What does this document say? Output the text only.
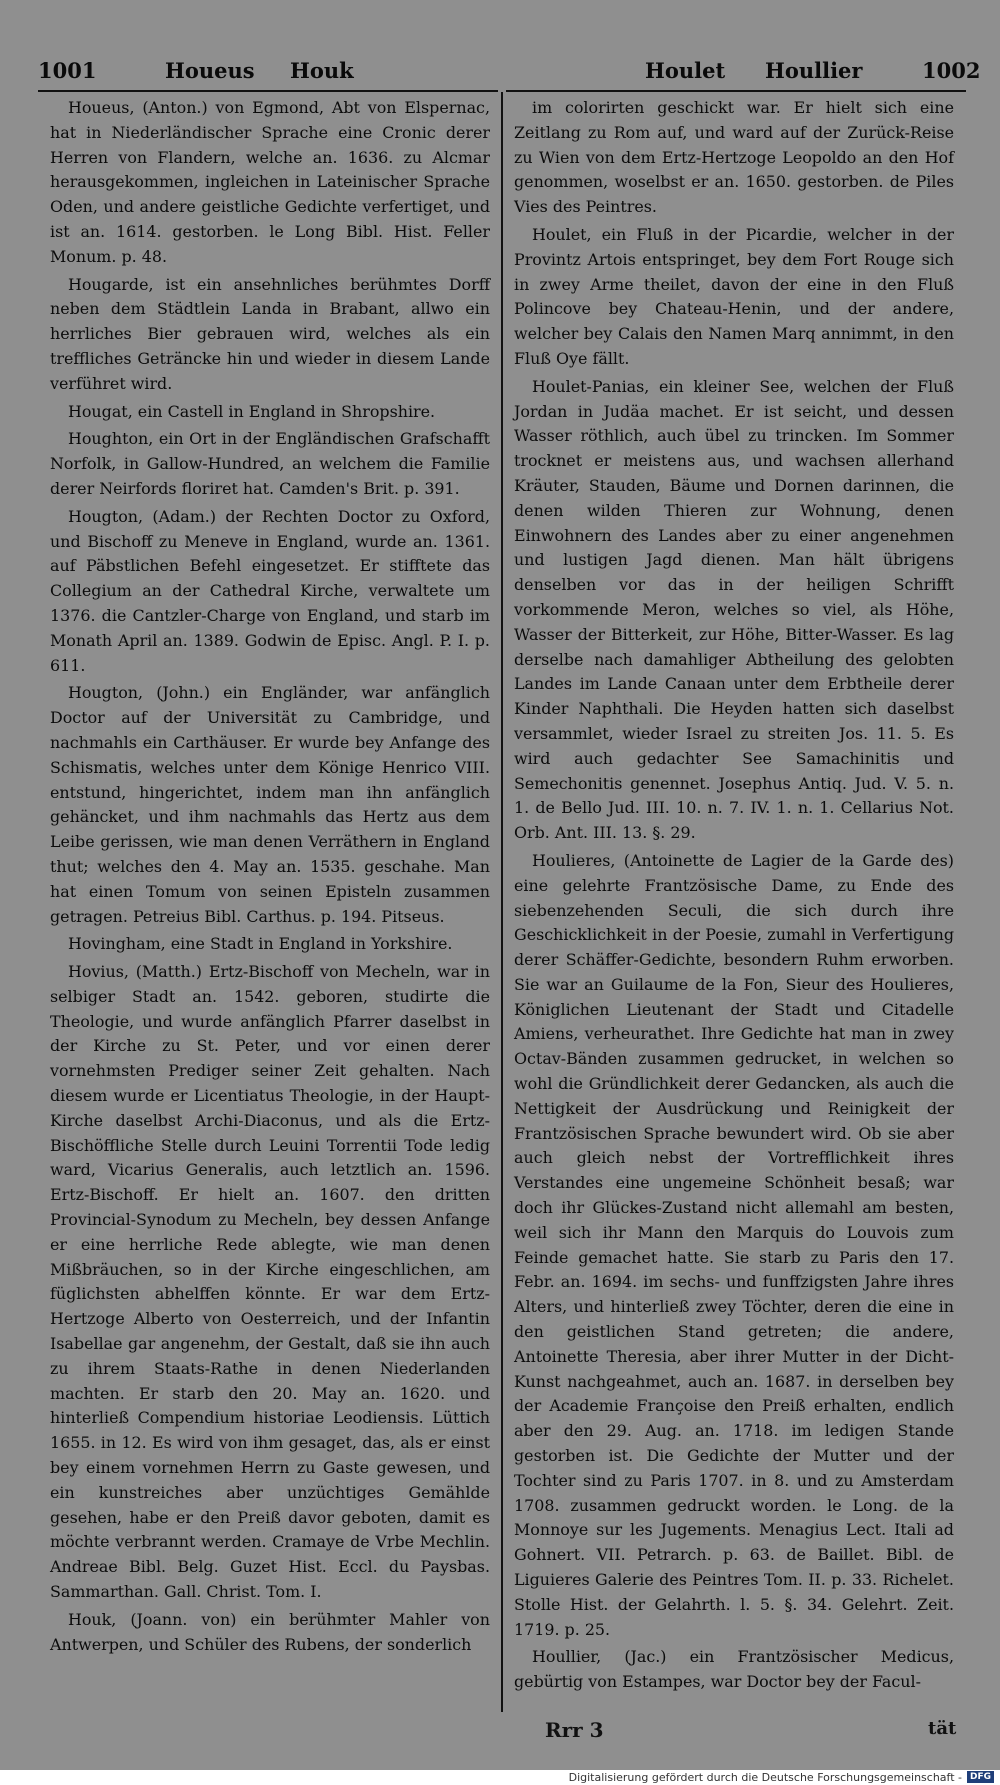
1001	Houeus Houk	Houlet Houllier	1002

Houeus, (Anton.) von Egmond, Abt von Elspernac, hat in Niederländischer Sprache eine Cronic derer Herren von Flandern, welche an. 1636. zu Alcmar herausgekommen, ingleichen in Lateinischer Sprache Oden, und andere geistliche Gedichte verfertiget, und ist an. 1614. gestorben. le Long Bibl. Hist. Feller Monum. p. 48.

Hougarde, ist ein ansehnliches berühmtes Dorff neben dem Städtlein Landa in Brabant, allwo ein herrliches Bier gebrauen wird, welches als ein treffliches Geträncke hin und wieder in diesem Lande verführet wird.

Hougat, ein Castell in England in Shropshire.

Houghton, ein Ort in der Engländischen Grafschafft Norfolk, in Gallow-Hundred, an welchem die Familie derer Neirfords floriret hat. Camden's Brit. p. 391.

Hougton, (Adam.) der Rechten Doctor zu Oxford, und Bischoff zu Meneve in England, wurde an. 1361. auf Päbstlichen Befehl eingesetzet. Er stifftete das Collegium an der Cathedral Kirche, verwaltete um 1376. die Cantzler-Charge von England, und starb im Monath April an. 1389. Godwin de Episc. Angl. P. I. p. 611.

Hougton, (John.) ein Engländer, war anfänglich Doctor auf der Universität zu Cambridge, und nachmahls ein Carthäuser. Er wurde bey Anfange des Schismatis, welches unter dem Könige Henrico VIII. entstund, hingerichtet, indem man ihn anfänglich gehäncket, und ihm nachmahls das Hertz aus dem Leibe gerissen, wie man denen Verräthern in England thut; welches den 4. May an. 1535. geschahe. Man hat einen Tomum von seinen Episteln zusammen getragen. Petreius Bibl. Carthus. p. 194. Pitseus.

Hovingham, eine Stadt in England in Yorkshire.

Hovius, (Matth.) Ertz-Bischoff von Mecheln, war in selbiger Stadt an. 1542. geboren, studirte die Theologie, und wurde anfänglich Pfarrer daselbst in der Kirche zu St. Peter, und vor einen derer vornehmsten Prediger seiner Zeit gehalten. Nach diesem wurde er Licentiatus Theologie, in der Haupt-Kirche daselbst Archi-Diaconus, und als die Ertz-Bischöffliche Stelle durch Leuini Torrentii Tode ledig ward, Vicarius Generalis, auch letztlich an. 1596. Ertz-Bischoff. Er hielt an. 1607. den dritten Provincial-Synodum zu Mecheln, bey dessen Anfange er eine herrliche Rede ablegte, wie man denen Mißbräuchen, so in der Kirche eingeschlichen, am füglichsten abhelffen könnte. Er war dem Ertz-Hertzoge Alberto von Oesterreich, und der Infantin Isabellae gar angenehm, der Gestalt, daß sie ihn auch zu ihrem Staats-Rathe in denen Niederlanden machten. Er starb den 20. May an. 1620. und hinterließ Compendium historiae Leodiensis. Lüttich 1655. in 12. Es wird von ihm gesaget, das, als er einst bey einem vornehmen Herrn zu Gaste gewesen, und ein kunstreiches aber unzüchtiges Gemählde gesehen, habe er den Preiß davor geboten, damit es möchte verbrannt werden. Cramaye de Vrbe Mechlin. Andreae Bibl. Belg. Guzet Hist. Eccl. du Paysbas. Sammarthan. Gall. Christ. Tom. I.

Houk, (Joann. von) ein berühmter Mahler von Antwerpen, und Schüler des Rubens, der sonderlich

im colorirten geschickt war. Er hielt sich eine Zeitlang zu Rom auf, und ward auf der Zurück-Reise zu Wien von dem Ertz-Hertzoge Leopoldo an den Hof genommen, woselbst er an. 1650. gestorben. de Piles Vies des Peintres.

Houlet, ein Fluß in der Picardie, welcher in der Provintz Artois entspringet, bey dem Fort Rouge sich in zwey Arme theilet, davon der eine in den Fluß Polincove bey Chateau-Henin, und der andere, welcher bey Calais den Namen Marq annimmt, in den Fluß Oye fällt.

Houlet-Panias, ein kleiner See, welchen der Fluß Jordan in Judäa machet. Er ist seicht, und dessen Wasser röthlich, auch übel zu trincken. Im Sommer trocknet er meistens aus, und wachsen allerhand Kräuter, Stauden, Bäume und Dornen darinnen, die denen wilden Thieren zur Wohnung, denen Einwohnern des Landes aber zu einer angenehmen und lustigen Jagd dienen. Man hält übrigens denselben vor das in der heiligen Schrifft vorkommende Meron, welches so viel, als Höhe, Wasser der Bitterkeit, zur Höhe, Bitter-Wasser. Es lag derselbe nach damahliger Abtheilung des gelobten Landes im Lande Canaan unter dem Erbtheile derer Kinder Naphthali. Die Heyden hatten sich daselbst versammlet, wieder Israel zu streiten Jos. 11. 5. Es wird auch gedachter See Samachinitis und Semechonitis genennet. Josephus Antiq. Jud. V. 5. n. 1. de Bello Jud. III. 10. n. 7. IV. 1. n. 1. Cellarius Not. Orb. Ant. III. 13. §. 29.

Houlieres, (Antoinette de Lagier de la Garde des) eine gelehrte Frantzösische Dame, zu Ende des siebenzehenden Seculi, die sich durch ihre Geschicklichkeit in der Poesie, zumahl in Verfertigung derer Schäffer-Gedichte, besondern Ruhm erworben. Sie war an Guilaume de la Fon, Sieur des Houlieres, Königlichen Lieutenant der Stadt und Citadelle Amiens, verheurathet. Ihre Gedichte hat man in zwey Octav-Bänden zusammen gedrucket, in welchen so wohl die Gründlichkeit derer Gedancken, als auch die Nettigkeit der Ausdrückung und Reinigkeit der Frantzösischen Sprache bewundert wird. Ob sie aber auch gleich nebst der Vortrefflichkeit ihres Verstandes eine ungemeine Schönheit besaß; war doch ihr Glückes-Zustand nicht allemahl am besten, weil sich ihr Mann den Marquis do Louvois zum Feinde gemachet hatte. Sie starb zu Paris den 17. Febr. an. 1694. im sechs- und funffzigsten Jahre ihres Alters, und hinterließ zwey Töchter, deren die eine in den geistlichen Stand getreten; die andere, Antoinette Theresia, aber ihrer Mutter in der Dicht-Kunst nachgeahmet, auch an. 1687. in derselben bey der Academie Françoise den Preiß erhalten, endlich aber den 29. Aug. an. 1718. im ledigen Stande gestorben ist. Die Gedichte der Mutter und der Tochter sind zu Paris 1707. in 8. und zu Amsterdam 1708. zusammen gedruckt worden. le Long. de la Monnoye sur les Jugements. Menagius Lect. Itali ad Gohnert. VII. Petrarch. p. 63. de Baillet. Bibl. de Liguieres Galerie des Peintres Tom. II. p. 33. Richelet. Stolle Hist. der Gelahrth. l. 5. §. 34. Gelehrt. Zeit. 1719. p. 25.

Houllier, (Jac.) ein Frantzösischer Medicus, gebürtig von Estampes, war Doctor bey der Facul-

Rrr 3	tät
Digitalisierung gefördert durch die Deutsche Forschungsgemeinschaft - DFG
